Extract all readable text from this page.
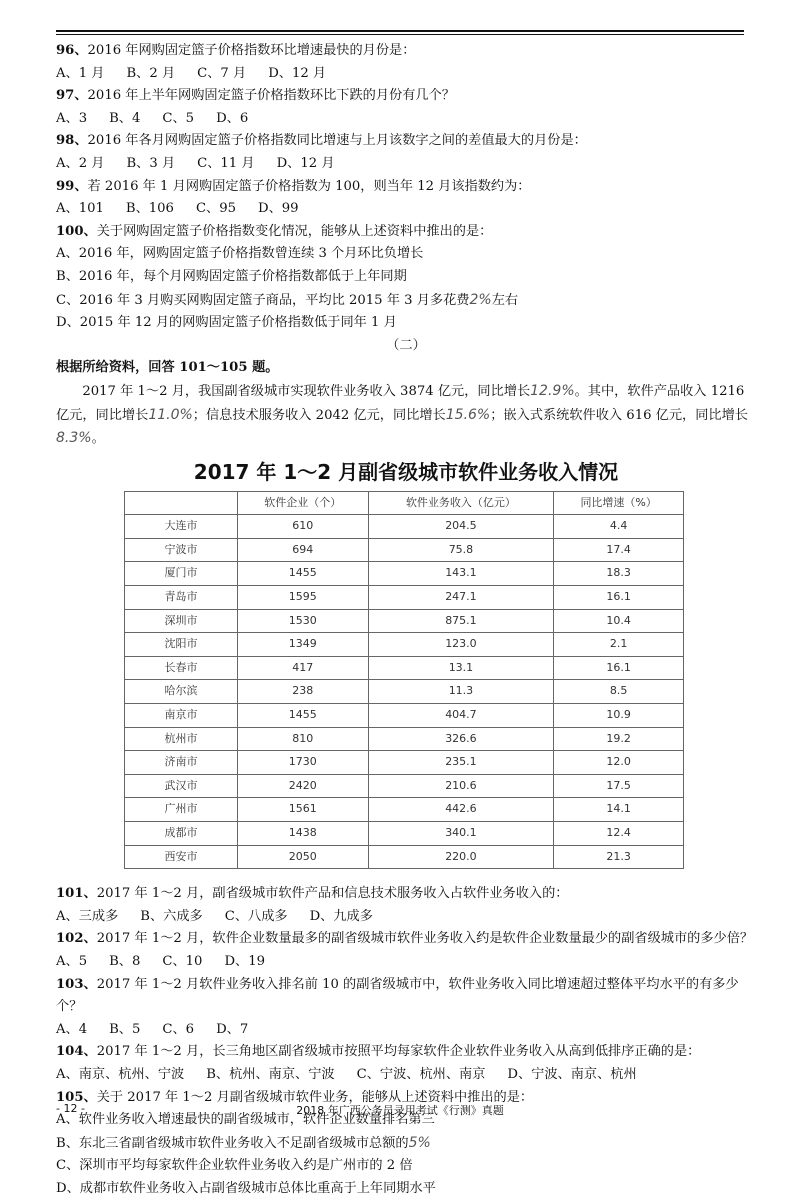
96、2016 年网购固定篮子价格指数环比增速最快的月份是：
A、1 月 B、2 月 C、7 月 D、12 月
97、2016 年上半年网购固定篮子价格指数环比下跌的月份有几个？
A、3 B、4 C、5 D、6
98、2016 年各月网购固定篮子价格指数同比增速与上月该数字之间的差值最大的月份是：
A、2 月 B、3 月 C、11 月 D、12 月
99、若 2016 年 1 月网购固定篮子价格指数为 100，则当年 12 月该指数约为：
A、101 B、106 C、95 D、99
100、关于网购固定篮子价格指数变化情况，能够从上述资料中推出的是：
A、2016 年，网购固定篮子价格指数曾连续 3 个月环比负增长
B、2016 年，每个月网购固定篮子价格指数都低于上年同期
C、2016 年 3 月购买网购固定篮子商品，平均比 2015 年 3 月多花费2%左右
D、2015 年 12 月的网购固定篮子价格指数低于同年 1 月
（二）
根据所给资料，回答 101～105 题。
2017 年 1～2 月，我国副省级城市实现软件业务收入 3874 亿元，同比增长12.9%。其中，软件产品收入 1216 亿元，同比增长11.0%；信息技术服务收入 2042 亿元，同比增长15.6%；嵌入式系统软件收入 616 亿元，同比增长8.3%。
2017 年 1～2 月副省级城市软件业务收入情况
	软件企业（个）	软件业务收入（亿元）	同比增速（%）
大连市	610	204.5	4.4
宁波市	694	75.8	17.4
厦门市	1455	143.1	18.3
青岛市	1595	247.1	16.1
深圳市	1530	875.1	10.4
沈阳市	1349	123.0	2.1
长春市	417	13.1	16.1
哈尔滨	238	11.3	8.5
南京市	1455	404.7	10.9
杭州市	810	326.6	19.2
济南市	1730	235.1	12.0
武汉市	2420	210.6	17.5
广州市	1561	442.6	14.1
成都市	1438	340.1	12.4
西安市	2050	220.0	21.3
101、2017 年 1～2 月，副省级城市软件产品和信息技术服务收入占软件业务收入的：
A、三成多 B、六成多 C、八成多 D、九成多
102、2017 年 1～2 月，软件企业数量最多的副省级城市软件业务收入约是软件企业数量最少的副省级城市的多少倍？
A、5 B、8 C、10 D、19
103、2017 年 1～2 月软件业务收入排名前 10 的副省级城市中，软件业务收入同比增速超过整体平均水平的有多少个？
A、4 B、5 C、6 D、7
104、2017 年 1～2 月，长三角地区副省级城市按照平均每家软件企业软件业务收入从高到低排序正确的是：
A、南京、杭州、宁波 B、杭州、南京、宁波 C、宁波、杭州、南京 D、宁波、南京、杭州
105、关于 2017 年 1～2 月副省级城市软件业务，能够从上述资料中推出的是：
A、软件业务收入增速最快的副省级城市，软件企业数量排名第三
B、东北三省副省级城市软件业务收入不足副省级城市总额的5%
C、深圳市平均每家软件企业软件业务收入约是广州市的 2 倍
D、成都市软件业务收入占副省级城市总体比重高于上年同期水平
2018 年广西公务员录用考试《行测》真题
- 12 -
